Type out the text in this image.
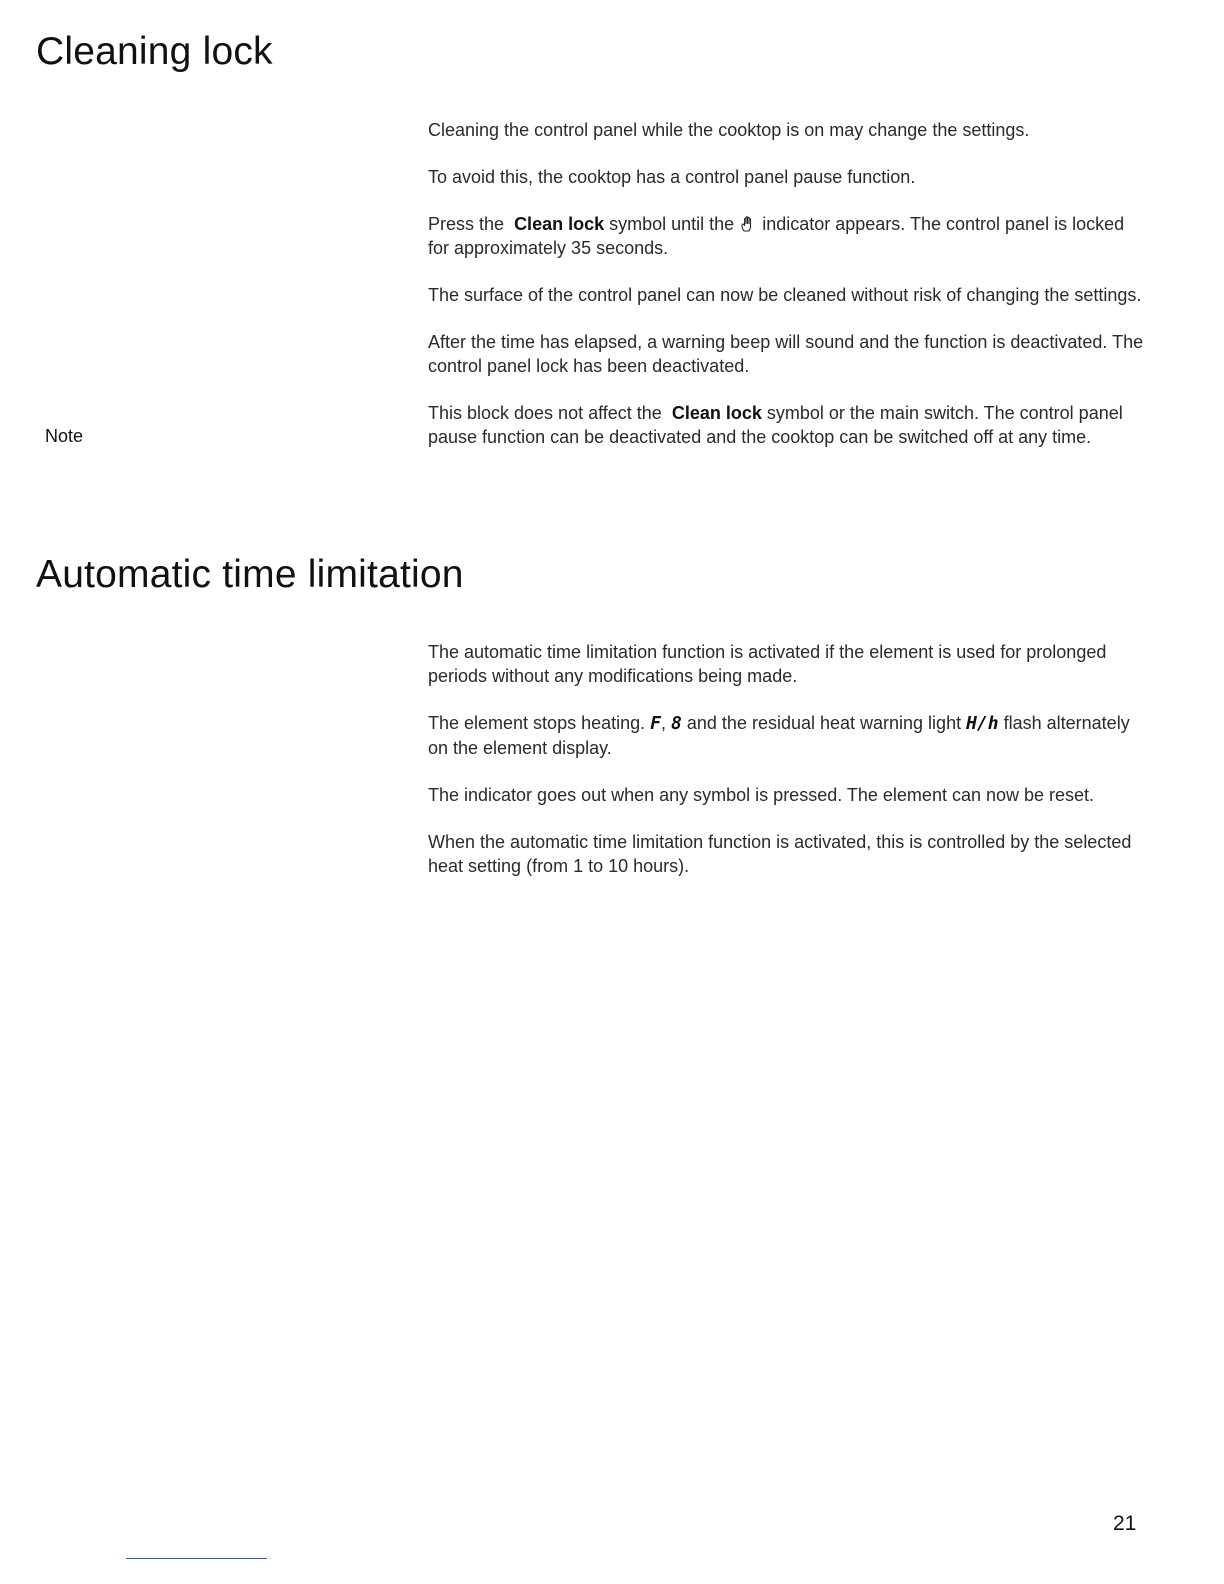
Cleaning lock

Cleaning the control panel while the cooktop is on may change the settings.

To avoid this, the cooktop has a control panel pause function.

Press the Clean lock symbol until the indicator appears. The control panel is locked for approximately 35 seconds.

The surface of the control panel can now be cleaned without risk of changing the settings.

After the time has elapsed, a warning beep will sound and the function is deactivated. The control panel lock has been deactivated.

This block does not affect the Clean lock symbol or the main switch. The control panel pause function can be deactivated and the cooktop can be switched off at any time.

Note
Automatic time limitation

The automatic time limitation function is activated if the element is used for prolonged periods without any modifications being made.

The element stops heating. F, 8 and the residual heat warning light H/h flash alternately on the element display.

The indicator goes out when any symbol is pressed. The element can now be reset.

When the automatic time limitation function is activated, this is controlled by the selected heat setting (from 1 to 10 hours).

21
